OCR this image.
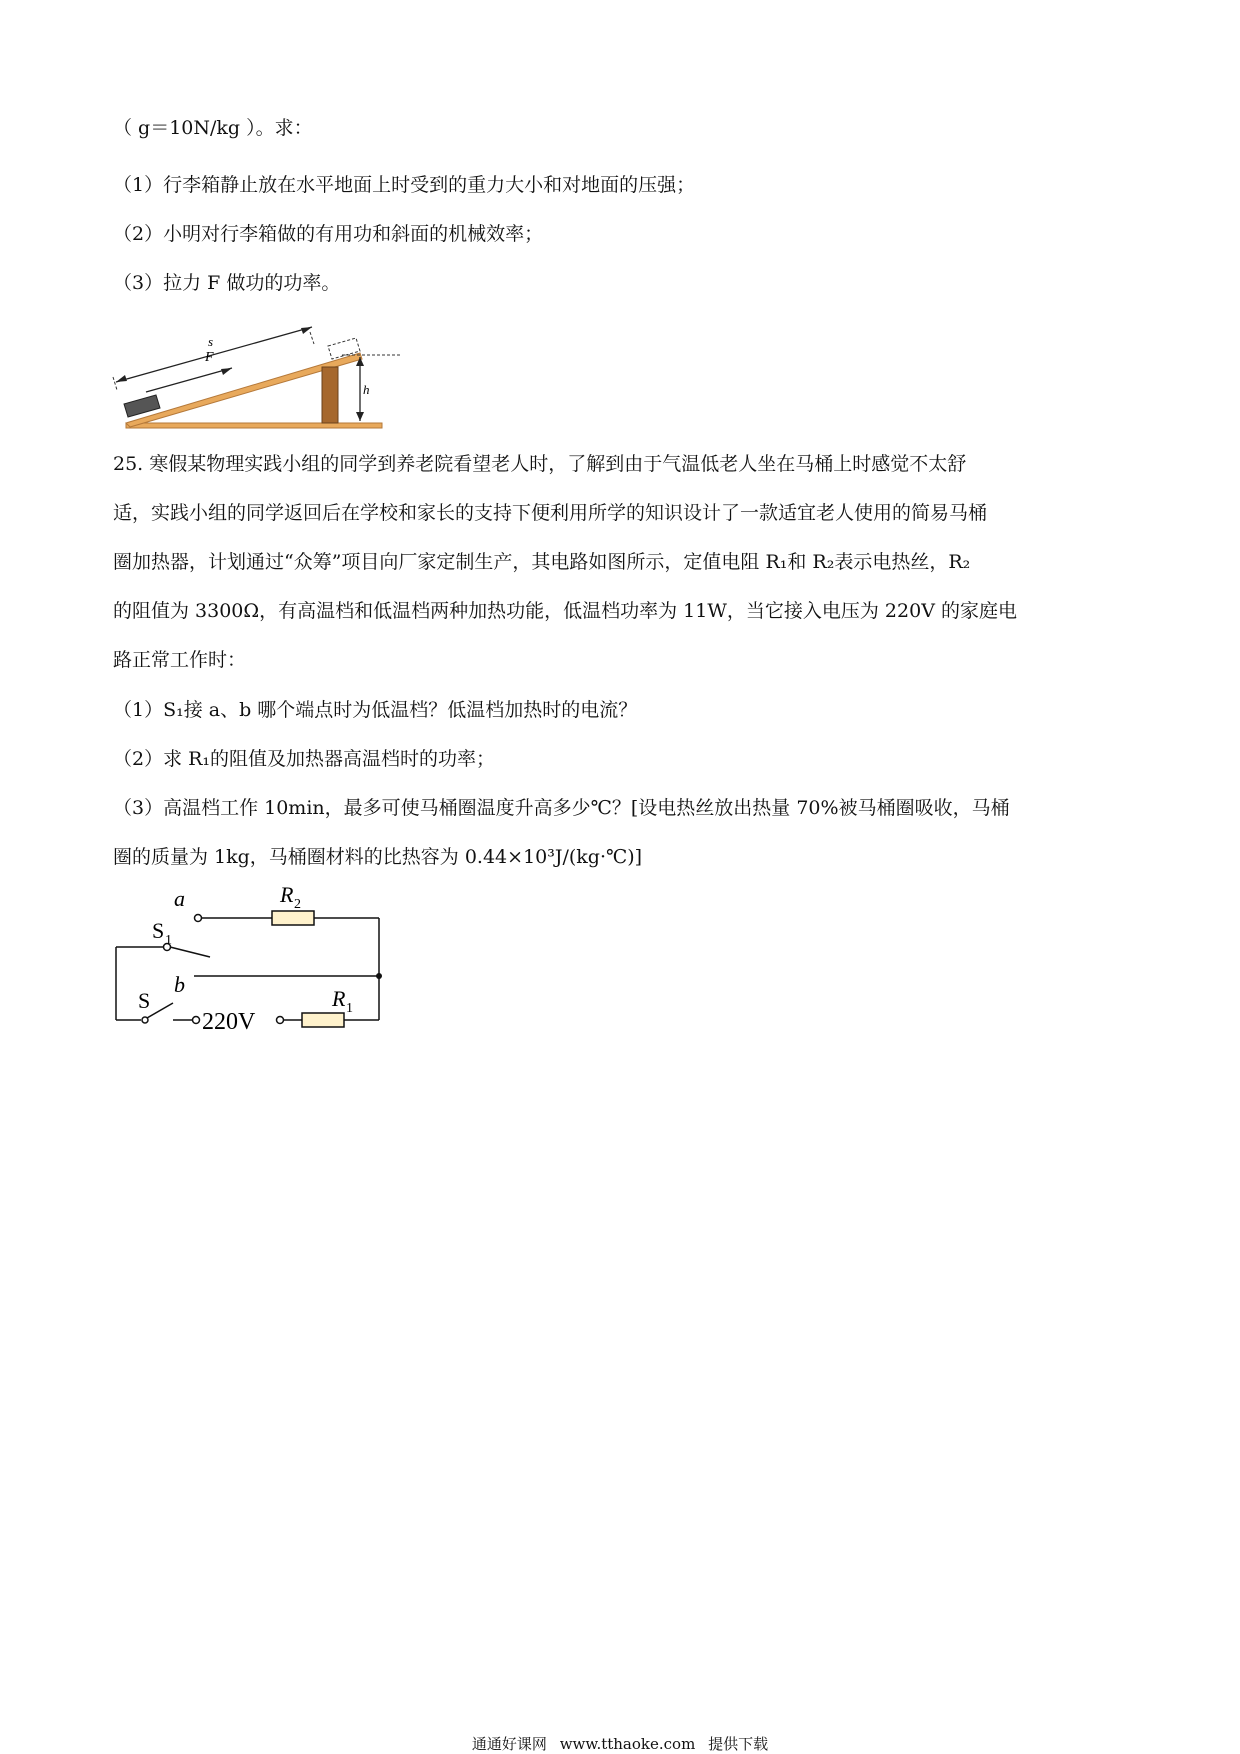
（ g＝10N/kg ）。求：
（1）行李箱静止放在水平地面上时受到的重力大小和对地面的压强；
（2）小明对行李箱做的有用功和斜面的机械效率；
（3）拉力 F 做功的功率。
s
F
h
25. 寒假某物理实践小组的同学到养老院看望老人时，了解到由于气温低老人坐在马桶上时感觉不太舒
适，实践小组的同学返回后在学校和家长的支持下便利用所学的知识设计了一款适宜老人使用的简易马桶
圈加热器，计划通过“众筹”项目向厂家定制生产，其电路如图所示，定值电阻 R₁和 R₂表示电热丝，R₂
的阻值为 3300Ω，有高温档和低温档两种加热功能，低温档功率为 11W，当它接入电压为 220V 的家庭电
路正常工作时：
（1）S₁接 a、b 哪个端点时为低温档？低温档加热时的电流？
（2）求 R₁的阻值及加热器高温档时的功率；
（3）高温档工作 10min，最多可使马桶圈温度升高多少℃？[设电热丝放出热量 70%被马桶圈吸收，马桶
圈的质量为 1kg，马桶圈材料的比热容为 0.44×10³J/(kg·℃)]
a
b
R 2
S 1
S	R 1
220V
通通好课网 www.tthaoke.com 提供下载
